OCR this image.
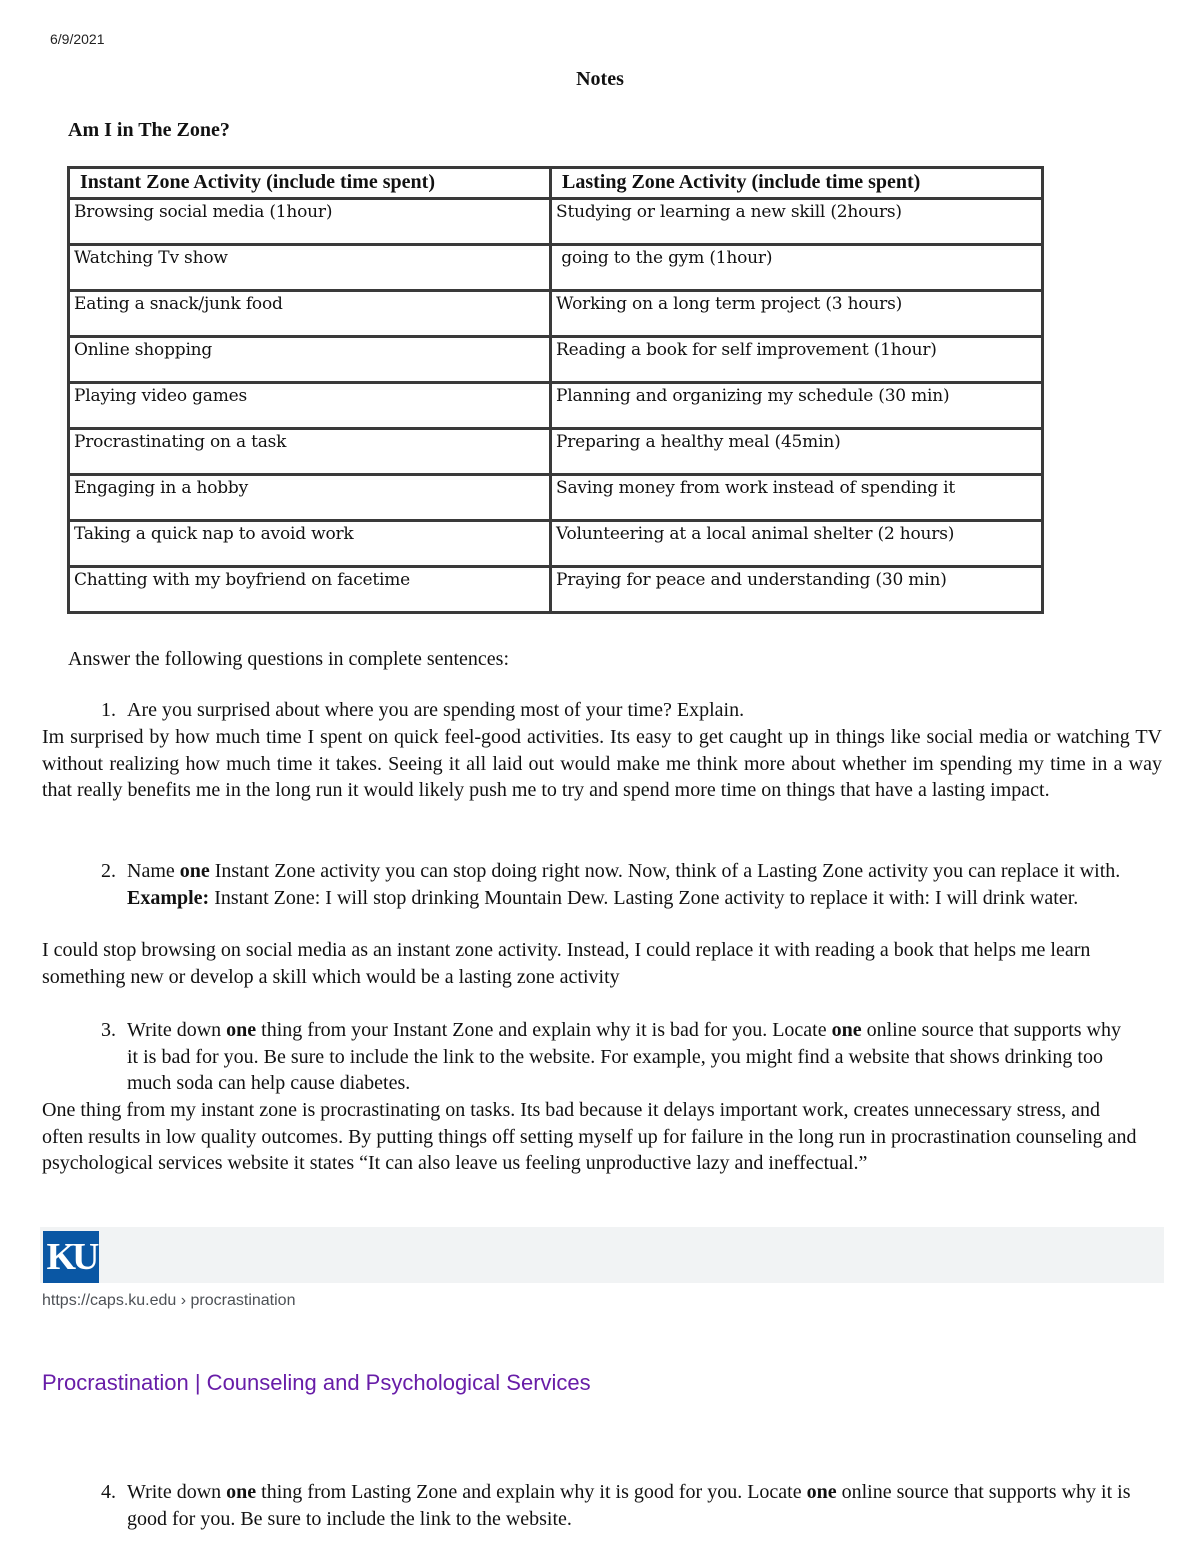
6/9/2021
Notes
Am I in The Zone?
Instant Zone Activity (include time spent)	Lasting Zone Activity (include time spent)
Browsing social media (1hour)	Studying or learning a new skill (2hours)
Watching Tv show	going to the gym (1hour)
Eating a snack/junk food	Working on a long term project (3 hours)
Online shopping	Reading a book for self improvement (1hour)
Playing video games	Planning and organizing my schedule (30 min)
Procrastinating on a task	Preparing a healthy meal (45min)
Engaging in a hobby	Saving money from work instead of spending it
Taking a quick nap to avoid work	Volunteering at a local animal shelter (2 hours)
Chatting with my boyfriend on facetime	Praying for peace and understanding (30 min)
Answer the following questions in complete sentences:
1. Are you surprised about where you are spending most of your time? Explain.
Im surprised by how much time I spent on quick feel-good activities. Its easy to get caught up in things like social media or watching TV without realizing how much time it takes. Seeing it all laid out would make me think more about whether im spending my time in a way that really benefits me in the long run it would likely push me to try and spend more time on things that have a lasting impact.
2. Name one Instant Zone activity you can stop doing right now. Now, think of a Lasting Zone activity you can replace it with. Example: Instant Zone: I will stop drinking Mountain Dew. Lasting Zone activity to replace it with: I will drink water.
I could stop browsing on social media as an instant zone activity. Instead, I could replace it with reading a book that helps me learn something new or develop a skill which would be a lasting zone activity
3. Write down one thing from your Instant Zone and explain why it is bad for you. Locate one online source that supports why it is bad for you. Be sure to include the link to the website. For example, you might find a website that shows drinking too much soda can help cause diabetes.
One thing from my instant zone is procrastinating on tasks. Its bad because it delays important work, creates unnecessary stress, and often results in low quality outcomes. By putting things off setting myself up for failure in the long run in procrastination counseling and psychological services website it states “It can also leave us feeling unproductive lazy and ineffectual.”
KU
https://caps.ku.edu › procrastination
Procrastination | Counseling and Psychological Services
4. Write down one thing from Lasting Zone and explain why it is good for you. Locate one online source that supports why it is good for you. Be sure to include the link to the website.
